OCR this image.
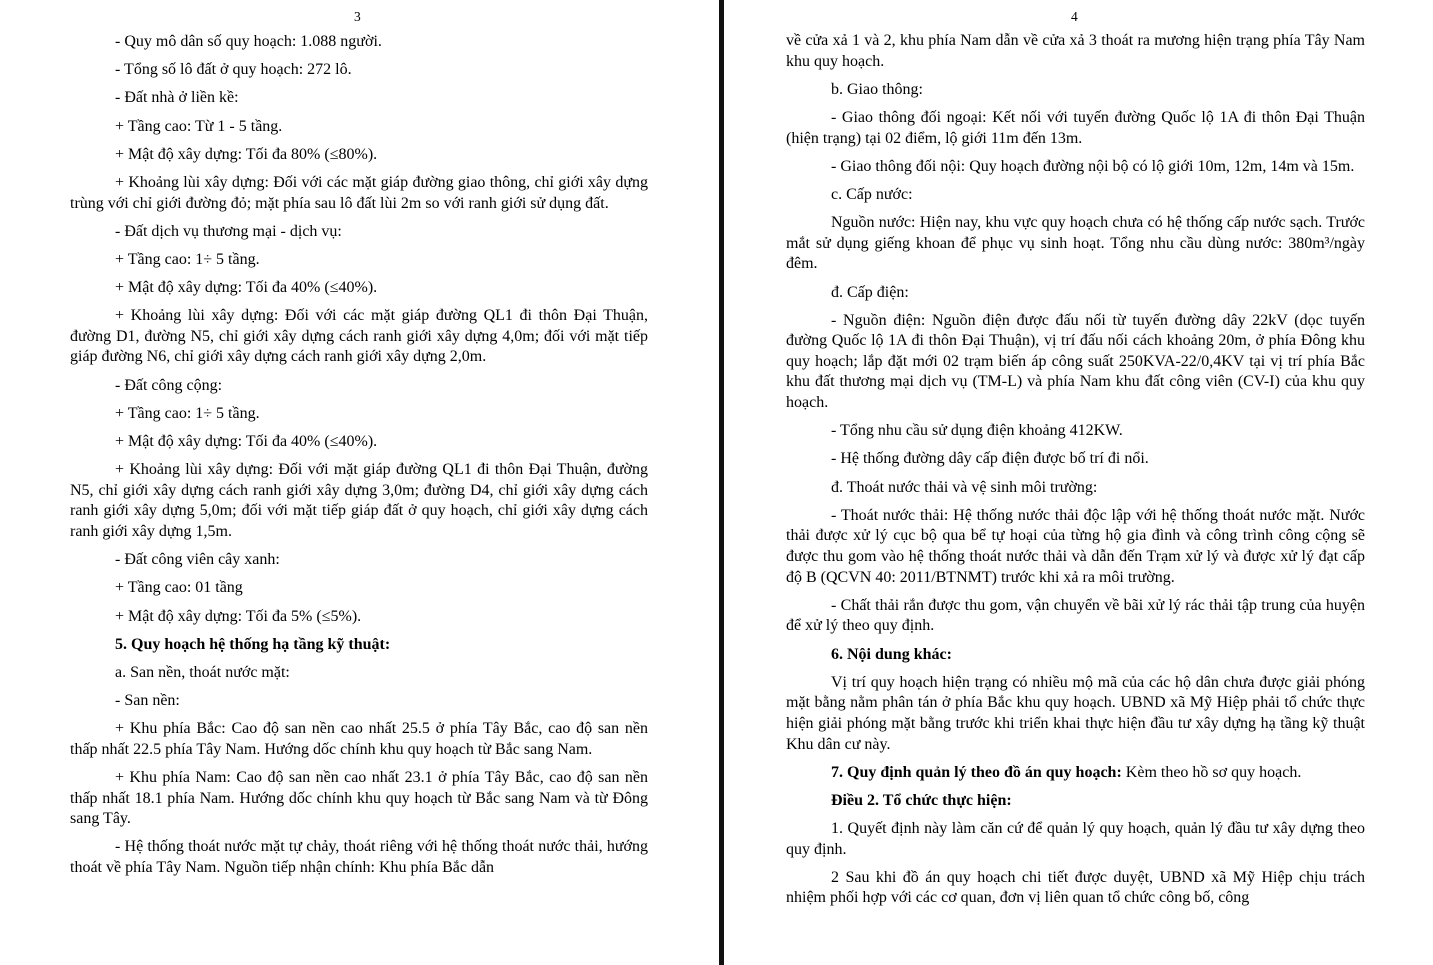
3

- Quy mô dân số quy hoạch: 1.088 người.

- Tổng số lô đất ở quy hoạch: 272 lô.

- Đất nhà ở liền kề:

+ Tầng cao: Từ 1 - 5 tầng.

+ Mật độ xây dựng: Tối đa 80% (≤80%).

+ Khoảng lùi xây dựng: Đối với các mặt giáp đường giao thông, chỉ giới xây dựng trùng với chỉ giới đường đỏ; mặt phía sau lô đất lùi 2m so với ranh giới sử dụng đất.

- Đất dịch vụ thương mại - dịch vụ:

+ Tầng cao: 1÷ 5 tầng.

+ Mật độ xây dựng: Tối đa 40% (≤40%).

+ Khoảng lùi xây dựng: Đối với các mặt giáp đường QL1 đi thôn Đại Thuận, đường D1, đường N5, chỉ giới xây dựng cách ranh giới xây dựng 4,0m; đối với mặt tiếp giáp đường N6, chỉ giới xây dựng cách ranh giới xây dựng 2,0m.

- Đất công cộng:

+ Tầng cao: 1÷ 5 tầng.

+ Mật độ xây dựng: Tối đa 40% (≤40%).

+ Khoảng lùi xây dựng: Đối với mặt giáp đường QL1 đi thôn Đại Thuận, đường N5, chỉ giới xây dựng cách ranh giới xây dựng 3,0m; đường D4, chỉ giới xây dựng cách ranh giới xây dựng 5,0m; đối với mặt tiếp giáp đất ở quy hoạch, chỉ giới xây dựng cách ranh giới xây dựng 1,5m.

- Đất công viên cây xanh:

+ Tầng cao: 01 tầng

+ Mật độ xây dựng: Tối đa 5% (≤5%).

5. Quy hoạch hệ thống hạ tầng kỹ thuật:

a. San nền, thoát nước mặt:

- San nền:

+ Khu phía Bắc: Cao độ san nền cao nhất 25.5 ở phía Tây Bắc, cao độ san nền thấp nhất 22.5 phía Tây Nam. Hướng dốc chính khu quy hoạch từ Bắc sang Nam.

+ Khu phía Nam: Cao độ san nền cao nhất 23.1 ở phía Tây Bắc, cao độ san nền thấp nhất 18.1 phía Nam. Hướng dốc chính khu quy hoạch từ Bắc sang Nam và từ Đông sang Tây.

- Hệ thống thoát nước mặt tự chảy, thoát riêng với hệ thống thoát nước thải, hướng thoát về phía Tây Nam. Nguồn tiếp nhận chính: Khu phía Bắc dẫn

4

về cửa xả 1 và 2, khu phía Nam dẫn về cửa xả 3 thoát ra mương hiện trạng phía Tây Nam khu quy hoạch.

b. Giao thông:

- Giao thông đối ngoại: Kết nối với tuyến đường Quốc lộ 1A đi thôn Đại Thuận (hiện trạng) tại 02 điểm, lộ giới 11m đến 13m.

- Giao thông đối nội: Quy hoạch đường nội bộ có lộ giới 10m, 12m, 14m và 15m.

c. Cấp nước:

Nguồn nước: Hiện nay, khu vực quy hoạch chưa có hệ thống cấp nước sạch. Trước mắt sử dụng giếng khoan để phục vụ sinh hoạt. Tổng nhu cầu dùng nước: 380m³/ngày đêm.

đ. Cấp điện:

- Nguồn điện: Nguồn điện được đấu nối từ tuyến đường dây 22kV (dọc tuyến đường Quốc lộ 1A đi thôn Đại Thuận), vị trí đấu nối cách khoảng 20m, ở phía Đông khu quy hoạch; lắp đặt mới 02 trạm biến áp công suất 250KVA-22/0,4KV tại vị trí phía Bắc khu đất thương mại dịch vụ (TM-L) và phía Nam khu đất công viên (CV-I) của khu quy hoạch.

- Tổng nhu cầu sử dụng điện khoảng 412KW.

- Hệ thống đường dây cấp điện được bố trí đi nổi.

đ. Thoát nước thải và vệ sinh môi trường:

- Thoát nước thải: Hệ thống nước thải độc lập với hệ thống thoát nước mặt. Nước thải được xử lý cục bộ qua bể tự hoại của từng hộ gia đình và công trình công cộng sẽ được thu gom vào hệ thống thoát nước thải và dẫn đến Trạm xử lý và được xử lý đạt cấp độ B (QCVN 40: 2011/BTNMT) trước khi xả ra môi trường.

- Chất thải rắn được thu gom, vận chuyển về bãi xử lý rác thải tập trung của huyện để xử lý theo quy định.

6. Nội dung khác:

Vị trí quy hoạch hiện trạng có nhiều mộ mã của các hộ dân chưa được giải phóng mặt bằng nằm phân tán ở phía Bắc khu quy hoạch. UBND xã Mỹ Hiệp phải tổ chức thực hiện giải phóng mặt bằng trước khi triển khai thực hiện đầu tư xây dựng hạ tầng kỹ thuật Khu dân cư này.

7. Quy định quản lý theo đồ án quy hoạch: Kèm theo hồ sơ quy hoạch.

Điều 2. Tổ chức thực hiện:

1. Quyết định này làm căn cứ để quản lý quy hoạch, quản lý đầu tư xây dựng theo quy định.

2 Sau khi đồ án quy hoạch chi tiết được duyệt, UBND xã Mỹ Hiệp chịu trách nhiệm phối hợp với các cơ quan, đơn vị liên quan tổ chức công bố, công
